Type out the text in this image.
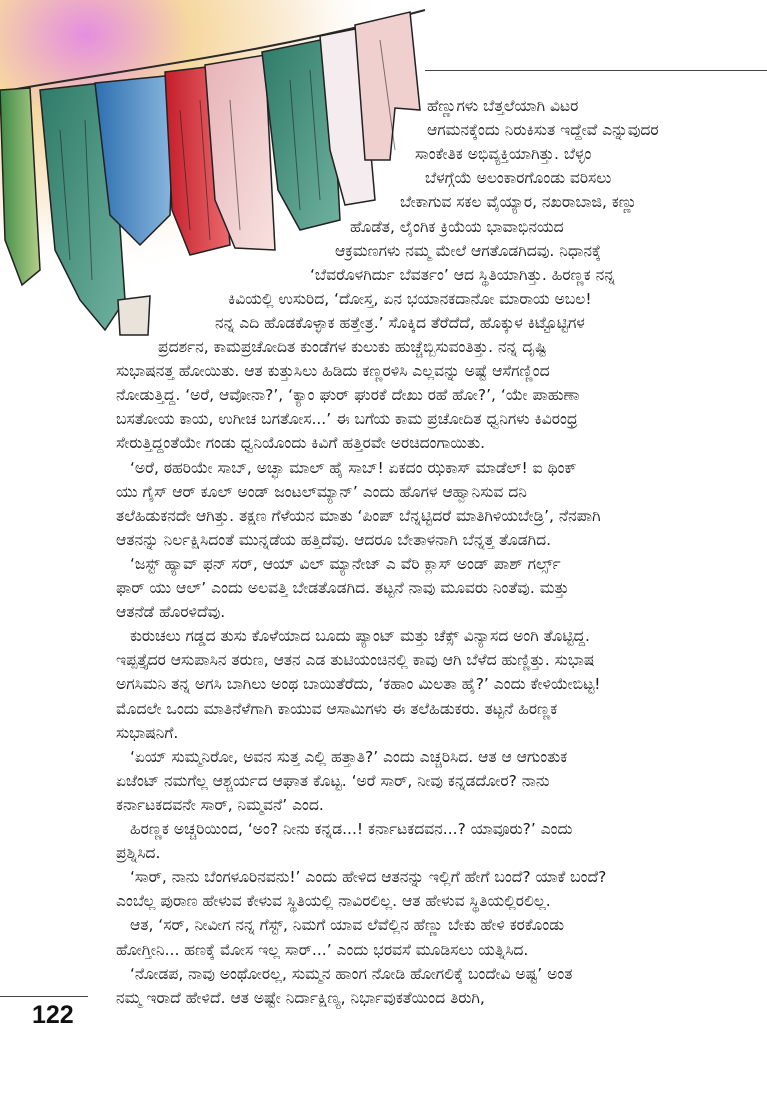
ಹೆಣ್ಣುಗಳು ಬೆತ್ತಲೆಯಾಗಿ ವಿಟರ
ಆಗಮನಕ್ಕೆಂದು ನಿರುಕಿಸುತ ಇದ್ದೇವೆ ಎನ್ನುವುದರ
ಸಾಂಕೇತಿಕ ಅಭಿವ್ಯಕ್ತಿಯಾಗಿತ್ತು. ಬೆಳ್ಳಂ
ಬೆಳಗ್ಗೆಯೆ ಅಲಂಕಾರಗೊಂಡು ವರಿಸಲು
ಬೇಕಾಗುವ ಸಕಲ ವೈಯ್ಯಾರ, ನಖರಾಬಾಜಿ, ಕಣ್ಣು
ಹೊಡೆತ, ಲೈಂಗಿಕ ಕ್ರಿಯೆಯ ಭಾವಾಭಿನಯದ
ಆಕ್ರಮಣಗಳು ನಮ್ಮ ಮೇಲೆ ಆಗತೊಡಗಿದವು. ನಿಧಾನಕ್ಕೆ
‘ಬೆವರೊಳಗಿರ್ದು ಬೆವರ್ತಂ’ ಆದ ಸ್ಥಿತಿಯಾಗಿತ್ತು. ಹಿರಣ್ಣಕ ನನ್ನ
ಕಿವಿಯಲ್ಲಿ ಉಸುರಿದ, ‘ದೋಸ್ತ, ಏನ ಭಯಾನಕದಾನೋ ಮಾರಾಯ ಅಬಲ!
ನನ್ನ ಎದಿ ಹೊಡಕೊಳ್ಳಾಕ ಹತ್ತೇತ್ರ.’ ಸೊಕ್ಕಿದ ತೆರೆದೆದೆ, ಹೊಕ್ಕುಳ ಕಿಟ್ಟೊಟ್ಟಿಗಳ
ಪ್ರದರ್ಶನ, ಕಾಮಪ್ರಚೋದಿತ ಕುಂಡೆಗಳ ಕುಲುಕು ಹುಚ್ಚೆಬ್ಬಿಸುವಂತಿತ್ತು. ನನ್ನ ದೃಷ್ಟಿ
ಸುಭಾಷನತ್ತ ಹೋಯಿತು. ಆತ ಕುತ್ತುಸಿಲು ಹಿಡಿದು ಕಣ್ಣರಳಿಸಿ ಎಲ್ಲವನ್ನು ಅಷ್ಟೆ ಆಸೆಗಣ್ಣಿಂದ
ನೋಡುತ್ತಿದ್ದ. ‘ಅರೆ, ಆವೋನಾ?’, ‘ಕ್ಯಾಂ ಘುರ್ ಘುರಕೆ ದೇಖು ರಹೆ ಹೋ?’, ‘ಯೇ ಪಾಹುಣಾ
ಬಸತೋಯ ಕಾಯ, ಉಗೀಚ ಬಗತೋಸ...’ ಈ ಬಗೆಯ ಕಾಮ ಪ್ರಚೋದಿತ ಧ್ವನಿಗಳು ಕಿವಿರಂಧ್ರ
ಸೇರುತ್ತಿದ್ದಂತೆಯೇ ಗಂಡು ಧ್ವನಿಯೊಂದು ಕಿವಿಗೆ ಹತ್ತಿರವೇ ಅರಚಿದಂಗಾಯಿತು.
‘ಅರೆ, ಠಹರಿಯೇ ಸಾಬ್, ಅಚ್ಛಾ ಮಾಲ್ ಹೈ ಸಾಬ್! ಏಕದಂ ಝಕಾಸ್ ಮಾಡೆಲ್! ಐ ಥಿಂಕ್
ಯು ಗೈಸ್ ಆರ್ ಕೂಲ್ ಅಂಡ್ ಜಂಟಲ್‌ಮ್ಯಾನ್’ ಎಂದು ಹೊಗಳ ಆಹ್ವಾನಿಸುವ ದನಿ
ತಲೆಹಿಡುಕನದೇ ಆಗಿತ್ತು. ತಕ್ಷಣ ಗೆಳೆಯನ ಮಾತು ‘ಪಿಂಪ್ ಬೆನ್ನಟ್ಟಿದರೆ ಮಾತಿಗಿಳಿಯಬೇಡ್ರಿ’, ನೆನಪಾಗಿ
ಆತನನ್ನು ನಿರ್ಲಕ್ಷಿಸಿದಂತೆ ಮುನ್ನಡೆಯ ಹತ್ತಿದೆವು. ಆದರೂ ಬೇತಾಳನಾಗಿ ಬೆನ್ನತ್ತ ತೊಡಗಿದ.
‘ಜಸ್ಟ್ ಹ್ಯಾವ್ ಫನ್ ಸರ್, ಆಯ್ ವಿಲ್ ಮ್ಯಾನೇಜ್ ಎ ವೆರಿ ಕ್ಲಾಸ್ ಅಂಡ್ ಪಾಶ್ ಗರ್ಲ್ಸ್
ಫಾರ್ ಯು ಆಲ್’ ಎಂದು ಅಲವತ್ತಿ ಬೇಡತೊಡಗಿದ. ತಟ್ಟನೆ ನಾವು ಮೂವರು ನಿಂತೆವು. ಮತ್ತು
ಆತನೆಡೆ ಹೊರಳಿದೆವು.
ಕುರುಚಲು ಗಡ್ಡದ ತುಸು ಕೊಳೆಯಾದ ಬೂದು ಪ್ಯಾಂಟ್ ಮತ್ತು ಚೆಕ್ಸ್ ವಿನ್ಯಾಸದ ಅಂಗಿ ತೊಟ್ಟಿದ್ದ.
ಇಪ್ಪತ್ತೈದರ ಆಸುಪಾಸಿನ ತರುಣ, ಆತನ ಎಡ ತುಟಿಯಂಚಿನಲ್ಲಿ ಕಾವು ಆಗಿ ಬೆಳೆದ ಹುಣ್ಣಿತ್ತು. ಸುಭಾಷ
ಅಗಸಿಮನಿ ತನ್ನ ಅಗಸಿ ಬಾಗಿಲು ಅಂಥ ಬಾಯಿತೆರೆದು, ‘ಕಹಾಂ ಮಿಲತಾ ಹೈ?’ ಎಂದು ಕೇಳಿಯೇಬಿಟ್ಟ!
ಮೊದಲೇ ಒಂದು ಮಾತಿನೆಳೆಗಾಗಿ ಕಾಯುವ ಆಸಾಮಿಗಳು ಈ ತಲೆಹಿಡುಕರು. ತಟ್ಟನೆ ಹಿರಣ್ಣಕ
ಸುಭಾಷನಿಗೆ.
‘ಏಯ್ ಸುಮ್ಮನಿರೋ, ಅವನ ಸುತ್ತ ಎಲ್ಲಿ ಹತ್ತಾತಿ?’ ಎಂದು ಎಚ್ಚರಿಸಿದ. ಆತ ಆ ಆಗುಂತುಕ
ಏಜೆಂಟ್ ನಮಗೆಲ್ಲ ಆಶ್ಚರ್ಯದ ಆಘಾತ ಕೊಟ್ಟ. ‘ಅರೆ ಸಾರ್, ನೀವು ಕನ್ನಡದೋರ? ನಾನು
ಕರ್ನಾಟಕದವನೇ ಸಾರ್, ನಿಮ್ಮವನೆ’ ಎಂದ.
ಹಿರಣ್ಣಕ ಅಚ್ಚರಿಯಿಂದ, ‘ಅಂ? ನೀನು ಕನ್ನಡ...! ಕರ್ನಾಟಕದವನ...? ಯಾವೂರು?’ ಎಂದು
ಪ್ರಶ್ನಿಸಿದ.
‘ಸಾರ್, ನಾನು ಬೆಂಗಳೂರಿನವನು!’ ಎಂದು ಹೇಳಿದ ಆತನನ್ನು ಇಲ್ಲಿಗೆ ಹೇಗೆ ಬಂದೆ? ಯಾಕೆ ಬಂದೆ?
ಎಂಬೆಲ್ಲ ಪುರಾಣ ಹೇಳುವ ಕೇಳುವ ಸ್ಥಿತಿಯಲ್ಲಿ ನಾವಿರಲಿಲ್ಲ. ಆತ ಹೇಳುವ ಸ್ಥಿತಿಯಲ್ಲಿರಲಿಲ್ಲ.
ಆತ, ‘ಸರ್, ನೀವೀಗ ನನ್ನ ಗೆಸ್ಟ್, ನಿಮಗೆ ಯಾವ ಲೆವೆಲ್ಲಿನ ಹೆಣ್ಣು ಬೇಕು ಹೇಳಿ ಕರಕೊಂಡು
ಹೋಗ್ತೀನಿ... ಹಣಕ್ಕೆ ಮೋಸ ಇಲ್ಲ ಸಾರ್...’ ಎಂದು ಭರವಸೆ ಮೂಡಿಸಲು ಯತ್ನಿಸಿದ.
‘ನೋಡಪ, ನಾವು ಅಂಥೋರಲ್ಲ, ಸುಮ್ಮನ ಹಾಂಗ ನೋಡಿ ಹೋಗಲಿಕ್ಕೆ ಬಂದೇವಿ ಅಷ್ಟ’ ಅಂತ
ನಮ್ಮ ಇರಾದೆ ಹೇಳಿದೆ. ಆತ ಅಷ್ಟೇ ನಿರ್ದಾಕ್ಷಿಣ್ಯ, ನಿರ್ಭಾವುಕತೆಯಿಂದ ತಿರುಗಿ,
122
